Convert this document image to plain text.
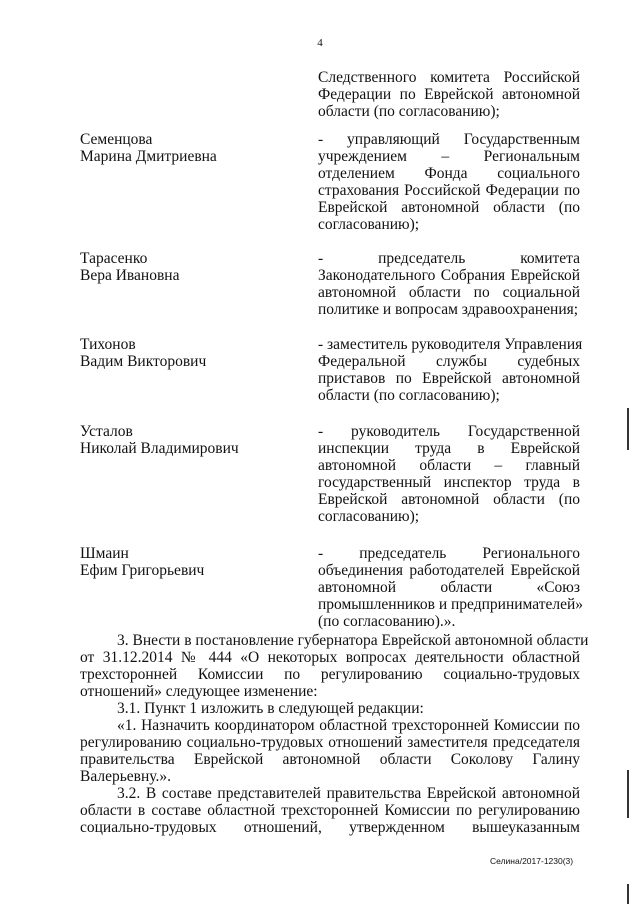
4
Следственного комитета Российской
Федерации по Еврейской автономной
области (по согласованию);
Семенцова
Марина Дмитриевна
- управляющий Государственным
учреждением – Региональным
отделением Фонда социального
страхования Российской Федерации по
Еврейской автономной области (по
согласованию);
Тарасенко
Вера Ивановна
- председатель комитета
Законодательного Собрания Еврейской
автономной области по социальной
политике и вопросам здравоохранения;
Тихонов
Вадим Викторович
- заместитель руководителя Управления
Федеральной службы судебных
приставов по Еврейской автономной
области (по согласованию);
Усталов
Николай Владимирович
- руководитель Государственной
инспекции труда в Еврейской
автономной области – главный
государственный инспектор труда в
Еврейской автономной области (по
согласованию);
Шмаин
Ефим Григорьевич
- председатель Регионального
объединения работодателей Еврейской
автономной области «Союз
промышленников и предпринимателей»
(по согласованию).».
3. Внести в постановление губернатора Еврейской автономной области
от 31.12.2014 № 444 «О некоторых вопросах деятельности областной
трехсторонней Комиссии по регулированию социально-трудовых
отношений» следующее изменение:
3.1. Пункт 1 изложить в следующей редакции:
«1. Назначить координатором областной трехсторонней Комиссии по
регулированию социально-трудовых отношений заместителя председателя
правительства Еврейской автономной области Соколову Галину
Валерьевну.».
3.2. В составе представителей правительства Еврейской автономной
области в составе областной трехсторонней Комиссии по регулированию
социально-трудовых отношений, утвержденном вышеуказанным
Селина/2017-1230(3)
